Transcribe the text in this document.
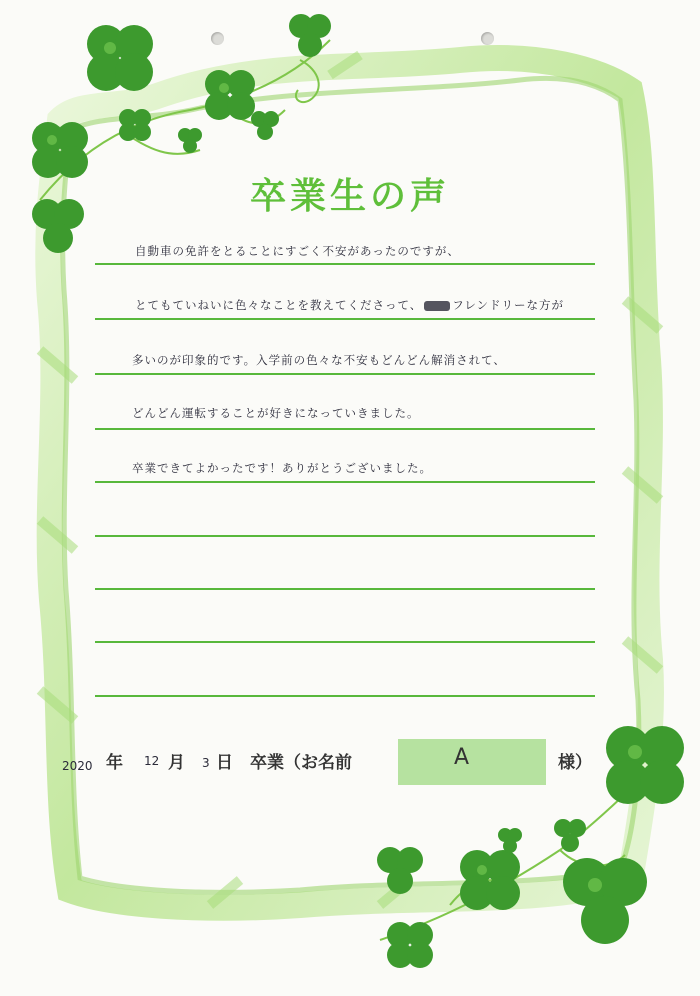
卒業生の声
自動車の免許をとることにすごく不安があったのですが、
とてもていねいに色々なことを教えてくださって、	フレンドリーな方が
多いのが印象的です。入学前の色々な不安もどんどん解消されて、
どんどん運転することが好きになっていきました。
卒業できてよかったです！ありがとうございました。
2020 年 12 月 3 日 卒業（お名前	A	様）
